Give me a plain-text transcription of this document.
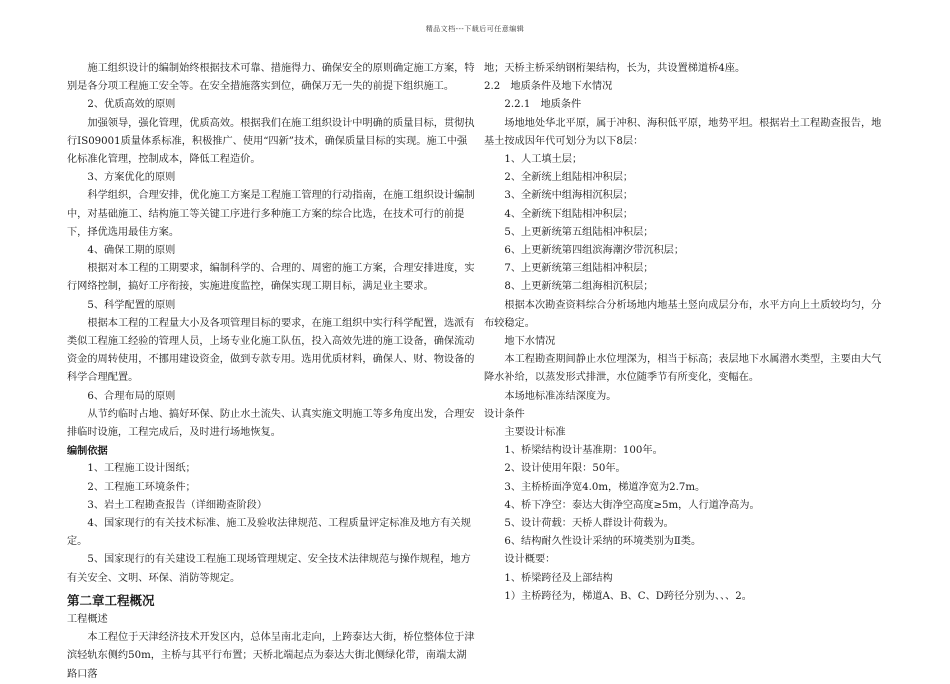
精品文档---下载后可任意编辑

施工组织设计的编制始终根据技术可靠、措施得力、确保安全的原则确定施工方案，特别是各分项工程施工安全等。在安全措施落实到位，确保万无一失的前提下组织施工。

2、优质高效的原则

加强领导，强化管理，优质高效。根据我们在施工组织设计中明确的质量目标，贯彻执行IS09001质量体系标准，积极推广、使用“四新”技术，确保质量目标的实现。施工中强化标准化管理，控制成本，降低工程造价。

3、方案优化的原则

科学组织，合理安排，优化施工方案是工程施工管理的行动指南，在施工组织设计编制中，对基础施工、结构施工等关键工序进行多种施工方案的综合比选，在技术可行的前提下，择优选用最佳方案。

4、确保工期的原则

根据对本工程的工期要求，编制科学的、合理的、周密的施工方案，合理安排进度，实行网络控制，搞好工序衔接，实施进度监控，确保实现工期目标，满足业主要求。

5、科学配置的原则

根据本工程的工程量大小及各项管理目标的要求，在施工组织中实行科学配置，选派有类似工程施工经验的管理人员，上场专业化施工队伍，投入高效先进的施工设备，确保流动资金的周转使用，不挪用建设资金，做到专款专用。选用优质材料，确保人、财、物设备的科学合理配置。

6、合理布局的原则

从节约临时占地、搞好环保、防止水土流失、认真实施文明施工等多角度出发，合理安排临时设施，工程完成后，及时进行场地恢复。

编制依据

1、工程施工设计图纸；

2、工程施工环境条件；

3、岩土工程勘查报告（详细勘查阶段）

4、国家现行的有关技术标准、施工及验收法律规范、工程质量评定标准及地方有关规定。

5、国家现行的有关建设工程施工现场管理规定、安全技术法律规范与操作规程，地方有关安全、文明、环保、消防等规定。

第二章工程概况

工程概述

本工程位于天津经济技术开发区内，总体呈南北走向，上跨泰达大街，桥位整体位于津滨轻轨东侧约50m，主桥与其平行布置；天桥北端起点为泰达大街北侧绿化带，南端太湖路口落

地；天桥主桥采纳钢桁架结构，长为，共设置梯道桥4座。

2.2　地质条件及地下水情况

2.2.1　地质条件

场地地处华北平原，属于冲积、海积低平原，地势平坦。根据岩土工程勘查报告，地基土按成因年代可划分为以下8层：

1、人工填土层；

2、全新统上组陆相冲积层；

3、全新统中组海相沉积层；

4、全新统下组陆相冲积层；

5、上更新统第五组陆相冲积层；

6、上更新统第四组滨海潮汐带沉积层；

7、上更新统第三组陆相冲积层；

8、上更新统第二组海相沉积层；

根据本次勘查资料综合分析场地内地基土竖向成层分布，水平方向上土质较均匀，分布较稳定。

地下水情况

本工程勘查期间静止水位埋深为，相当于标高；表层地下水属潜水类型，主要由大气降水补给，以蒸发形式排泄，水位随季节有所变化，变幅在。

本场地标准冻结深度为。

设计条件

主要设计标准

1、桥梁结构设计基准期：100年。

2、设计使用年限：50年。

3、主桥桥面净宽4.0m，梯道净宽为2.7m。

4、桥下净空：泰达大街净空高度≥5m，人行道净高为。

5、设计荷载：天桥人群设计荷载为。

6、结构耐久性设计采纳的环境类别为Ⅱ类。

设计概要：

1、桥梁跨径及上部结构

1）主桥跨径为，梯道A、B、C、D跨径分别为、、、2。
